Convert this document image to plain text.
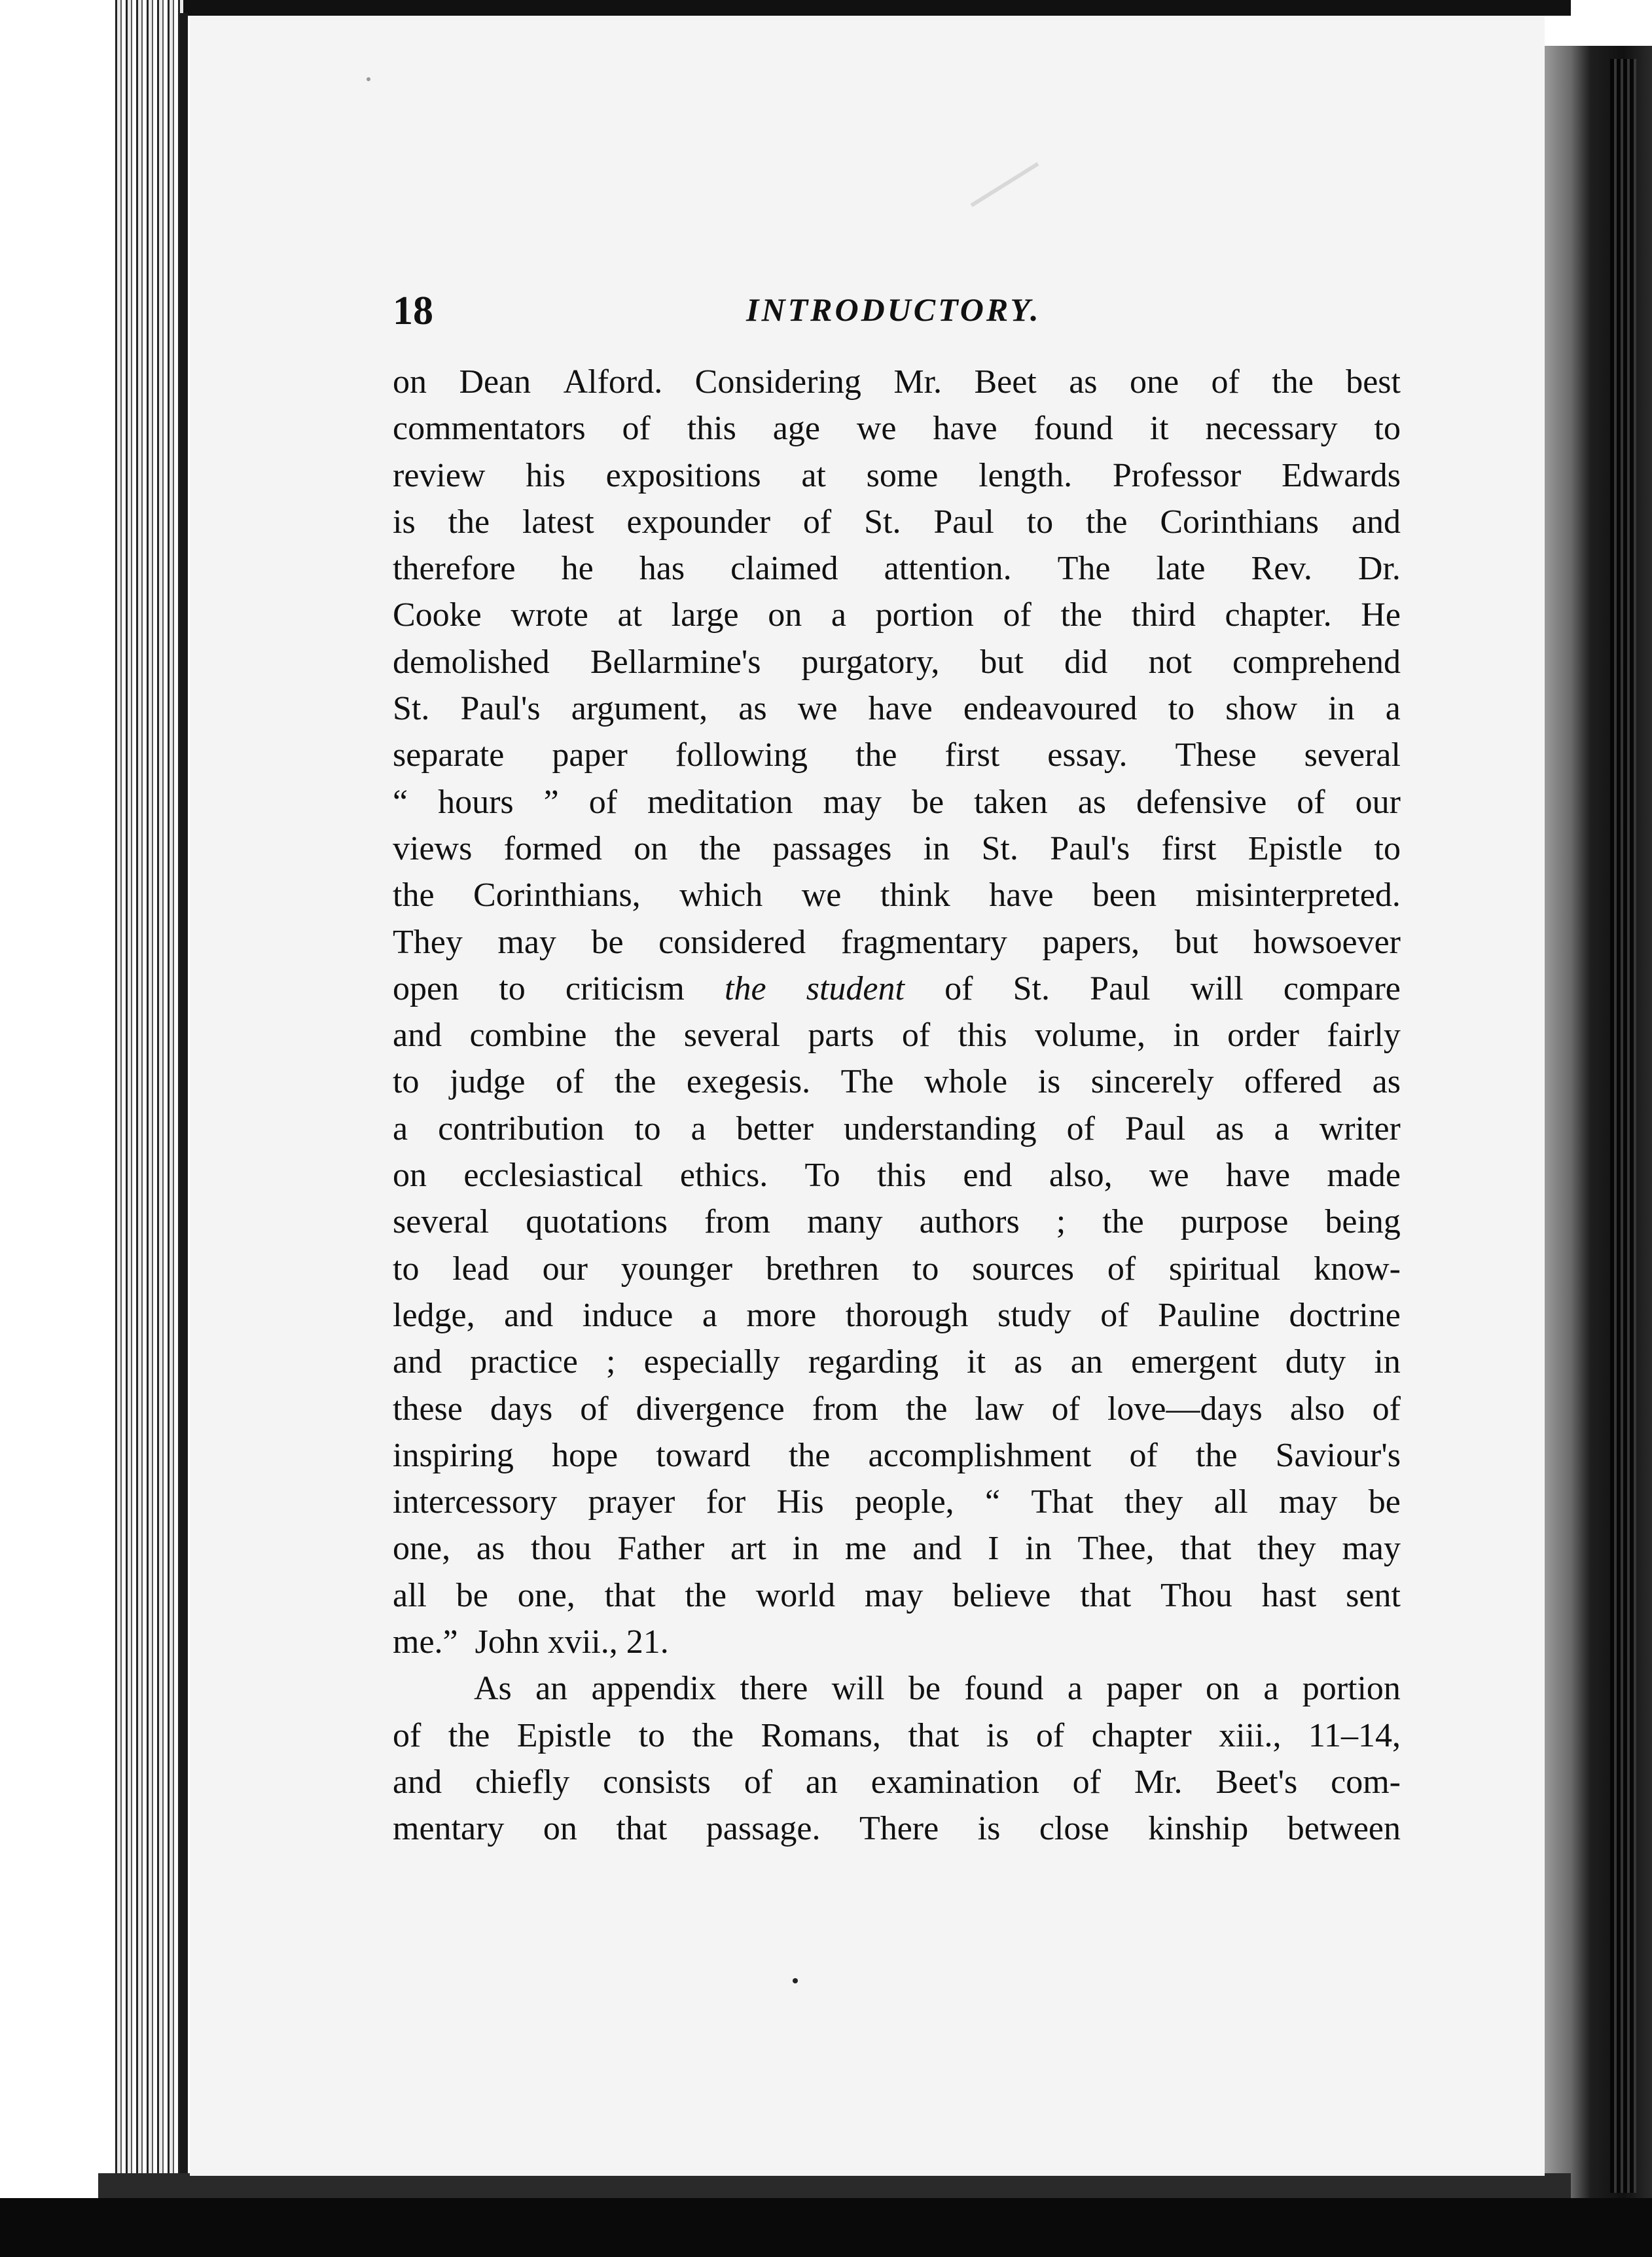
18	INTRODUCTORY.
on Dean Alford. Considering Mr. Beet as one of the best
commentators of this age we have found it necessary to
review his expositions at some length. Professor Edwards
is the latest expounder of St. Paul to the Corinthians and
therefore he has claimed attention. The late Rev. Dr.
Cooke wrote at large on a portion of the third chapter. He
demolished Bellarmine's purgatory, but did not comprehend
St. Paul's argument, as we have endeavoured to show in a
separate paper following the first essay. These several
“ hours ” of meditation may be taken as defensive of our
views formed on the passages in St. Paul's first Epistle to
the Corinthians, which we think have been misinterpreted.
They may be considered fragmentary papers, but howsoever
open to criticism the student of St. Paul will compare
and combine the several parts of this volume, in order fairly
to judge of the exegesis. The whole is sincerely offered as
a contribution to a better understanding of Paul as a writer
on ecclesiastical ethics. To this end also, we have made
several quotations from many authors ; the purpose being
to lead our younger brethren to sources of spiritual know-
ledge, and induce a more thorough study of Pauline doctrine
and practice ; especially regarding it as an emergent duty in
these days of divergence from the law of love—days also of
inspiring hope toward the accomplishment of the Saviour's
intercessory prayer for His people, “ That they all may be
one, as thou Father art in me and I in Thee, that they may
all be one, that the world may believe that Thou hast sent
me.”  John xvii., 21.
As an appendix there will be found a paper on a portion
of the Epistle to the Romans, that is of chapter xiii., 11–14,
and chiefly consists of an examination of Mr. Beet's com-
mentary on that passage. There is close kinship between
